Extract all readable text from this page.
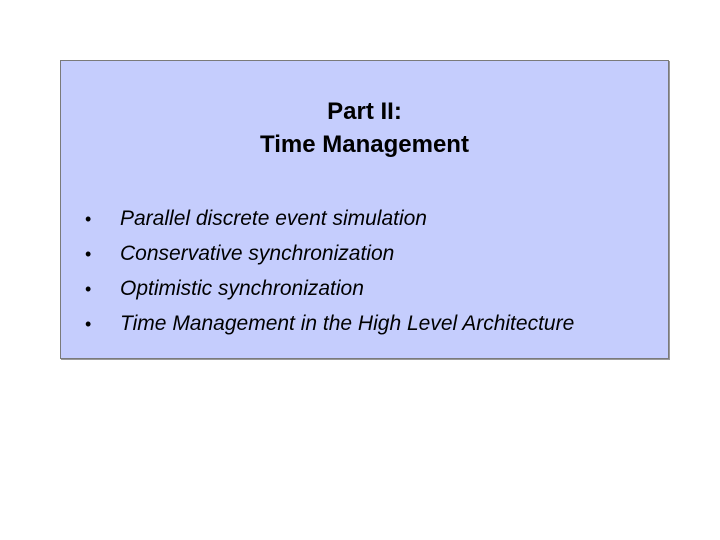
Part II:
Time Management
•	Parallel discrete event simulation
•	Conservative synchronization
•	Optimistic synchronization
•	Time Management in the High Level Architecture
